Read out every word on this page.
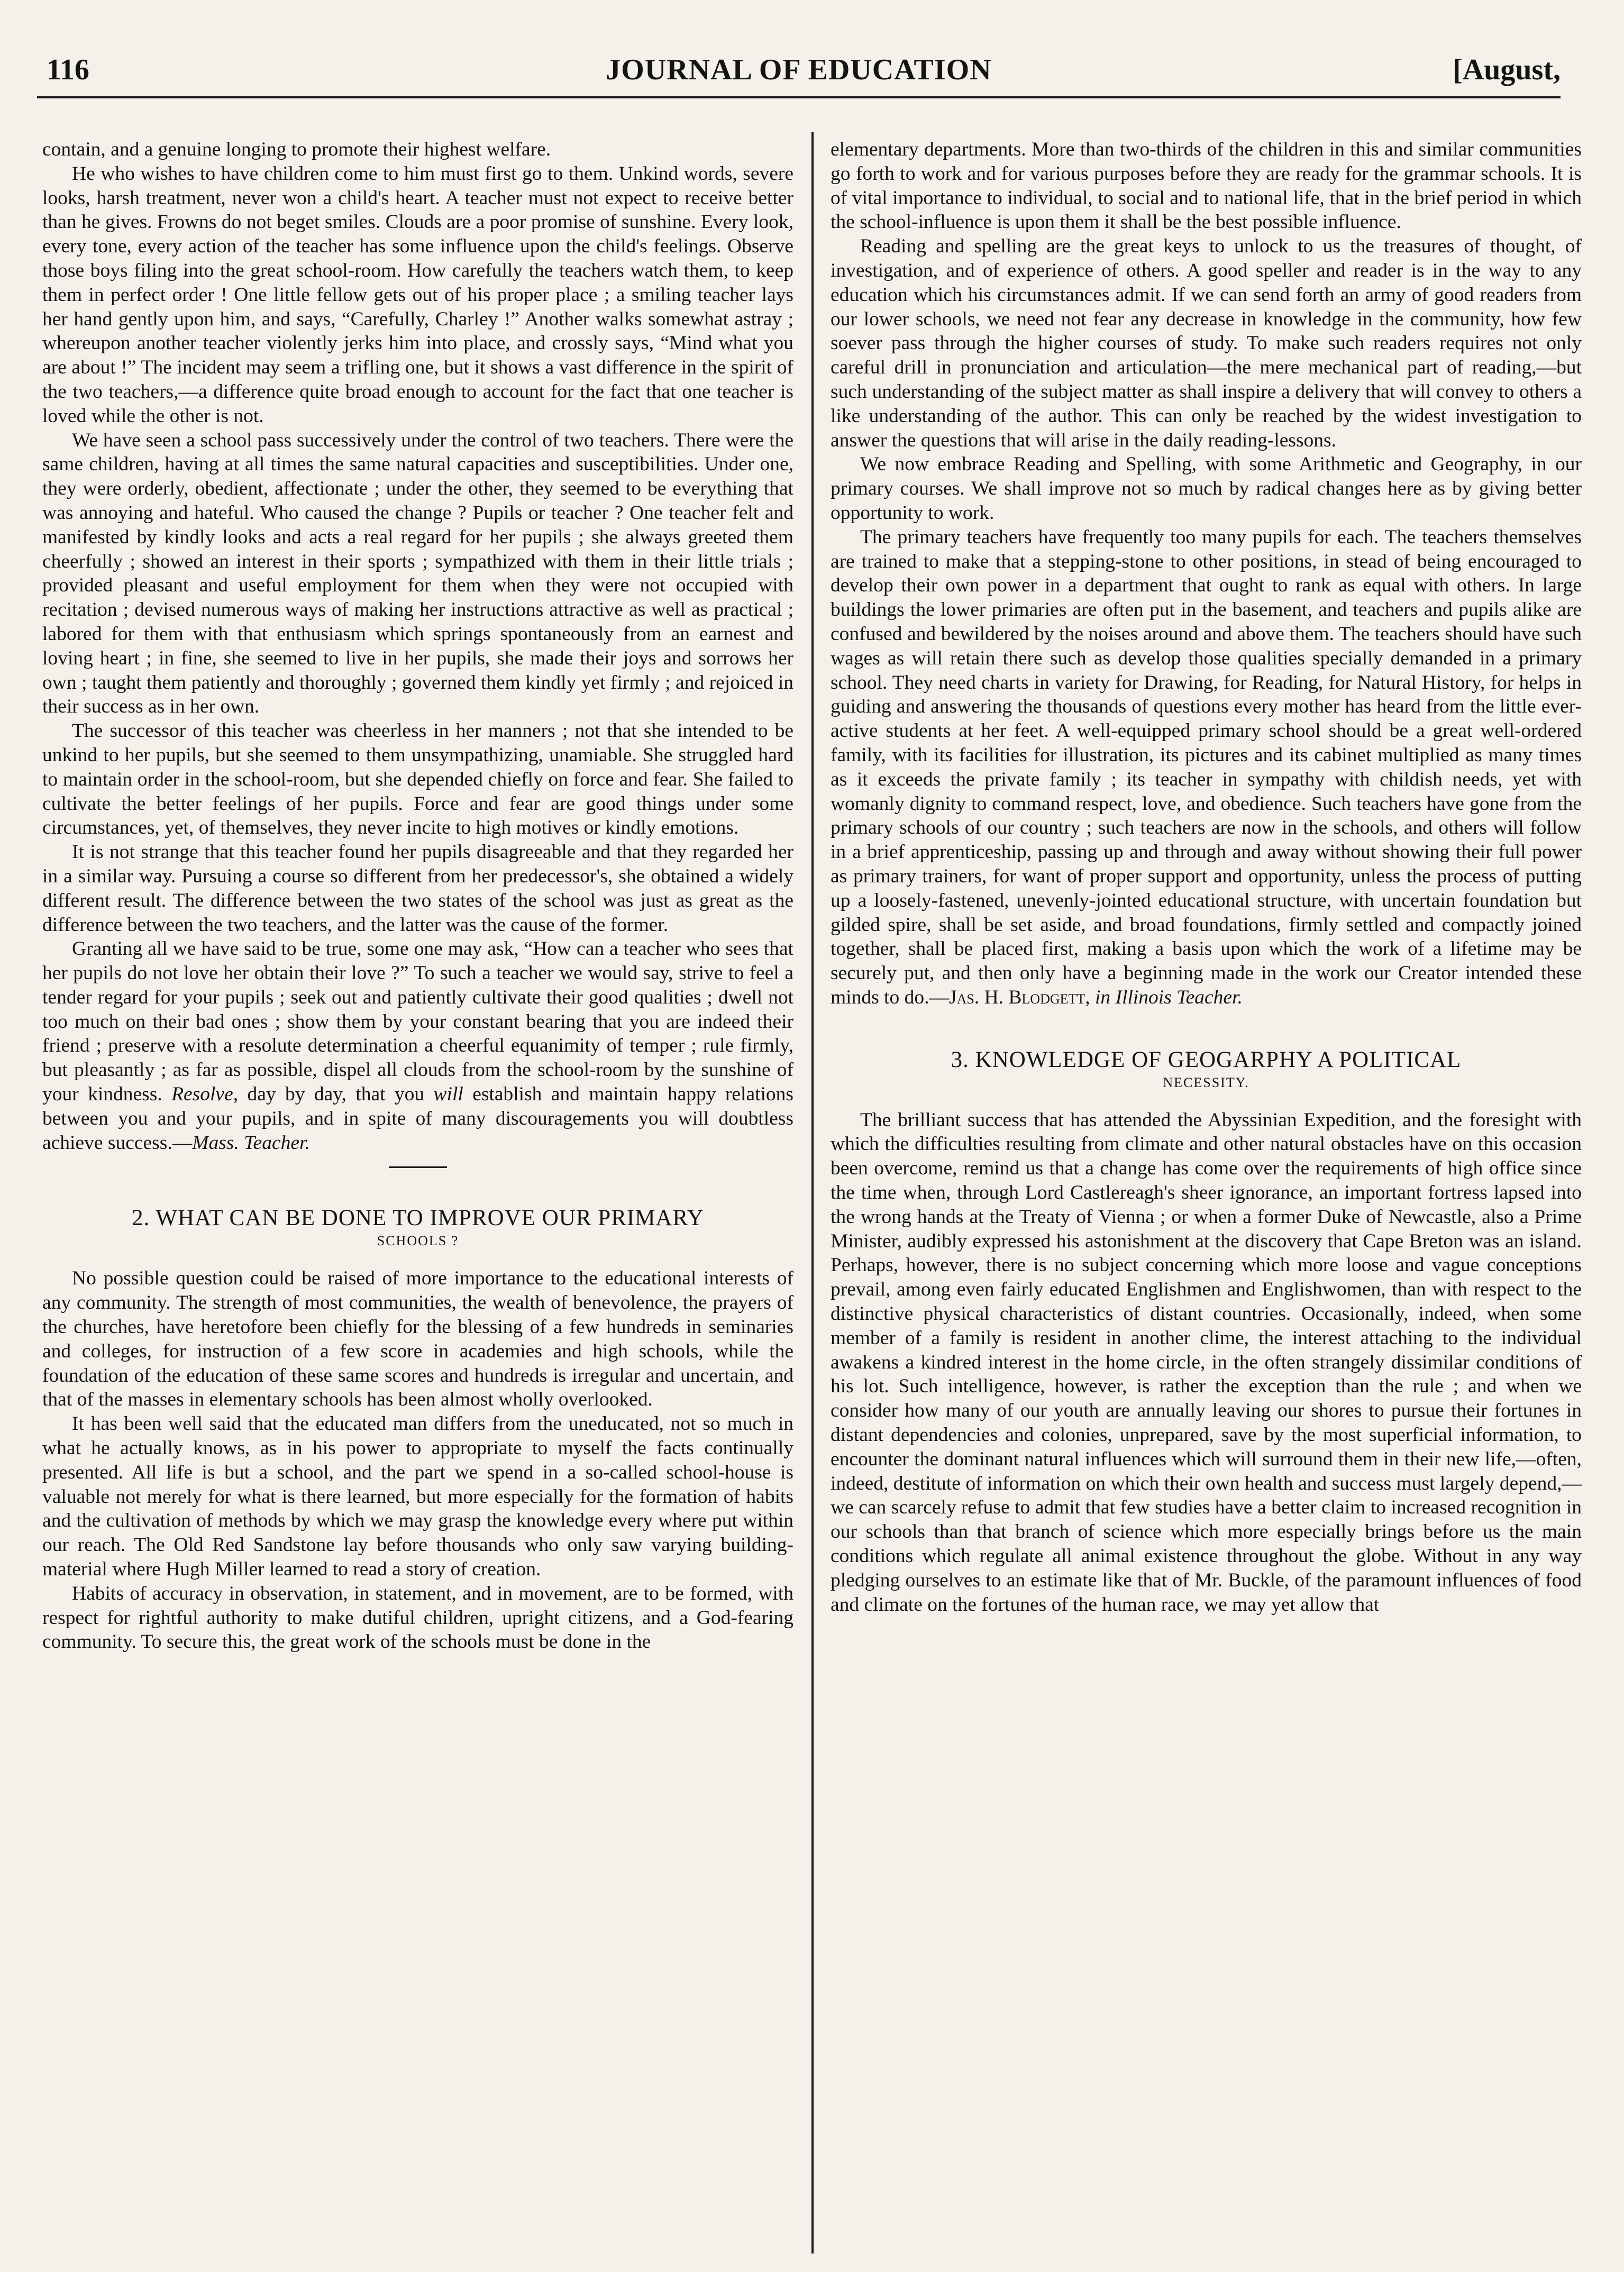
116	JOURNAL OF EDUCATION	[August,

contain, and a genuine longing to promote their highest welfare.

He who wishes to have children come to him must first go to them. Unkind words, severe looks, harsh treatment, never won a child's heart. A teacher must not expect to receive better than he gives. Frowns do not beget smiles. Clouds are a poor promise of sunshine. Every look, every tone, every action of the teacher has some influence upon the child's feelings. Observe those boys filing into the great school-room. How carefully the teachers watch them, to keep them in perfect order ! One little fellow gets out of his proper place ; a smiling teacher lays her hand gently upon him, and says, “Carefully, Charley !” Another walks somewhat astray ; whereupon another teacher violently jerks him into place, and crossly says, “Mind what you are about !” The incident may seem a trifling one, but it shows a vast difference in the spirit of the two teachers,—a difference quite broad enough to account for the fact that one teacher is loved while the other is not.

We have seen a school pass successively under the control of two teachers. There were the same children, having at all times the same natural capacities and susceptibilities. Under one, they were orderly, obedient, affectionate ; under the other, they seemed to be everything that was annoying and hateful. Who caused the change ? Pupils or teacher ? One teacher felt and manifested by kindly looks and acts a real regard for her pupils ; she always greeted them cheerfully ; showed an interest in their sports ; sympathized with them in their little trials ; provided pleasant and useful employment for them when they were not occupied with recitation ; devised numerous ways of making her instructions attractive as well as practical ; labored for them with that enthusiasm which springs spontaneously from an earnest and loving heart ; in fine, she seemed to live in her pupils, she made their joys and sorrows her own ; taught them patiently and thoroughly ; governed them kindly yet firmly ; and rejoiced in their success as in her own.

The successor of this teacher was cheerless in her manners ; not that she intended to be unkind to her pupils, but she seemed to them unsympathizing, unamiable. She struggled hard to maintain order in the school-room, but she depended chiefly on force and fear. She failed to cultivate the better feelings of her pupils. Force and fear are good things under some circumstances, yet, of themselves, they never incite to high motives or kindly emotions.

It is not strange that this teacher found her pupils disagreeable and that they regarded her in a similar way. Pursuing a course so different from her predecessor's, she obtained a widely different result. The difference between the two states of the school was just as great as the difference between the two teachers, and the latter was the cause of the former.

Granting all we have said to be true, some one may ask, “How can a teacher who sees that her pupils do not love her obtain their love ?” To such a teacher we would say, strive to feel a tender regard for your pupils ; seek out and patiently cultivate their good qualities ; dwell not too much on their bad ones ; show them by your constant bearing that you are indeed their friend ; preserve with a resolute determination a cheerful equanimity of temper ; rule firmly, but pleasantly ; as far as possible, dispel all clouds from the school-room by the sunshine of your kindness. Resolve, day by day, that you will establish and maintain happy relations between you and your pupils, and in spite of many discouragements you will doubtless achieve success.—Mass. Teacher.

2. WHAT CAN BE DONE TO IMPROVE OUR PRIMARY
SCHOOLS ?

No possible question could be raised of more importance to the educational interests of any community. The strength of most communities, the wealth of benevolence, the prayers of the churches, have heretofore been chiefly for the blessing of a few hundreds in seminaries and colleges, for instruction of a few score in academies and high schools, while the foundation of the education of these same scores and hundreds is irregular and uncertain, and that of the masses in elementary schools has been almost wholly overlooked.

It has been well said that the educated man differs from the uneducated, not so much in what he actually knows, as in his power to appropriate to myself the facts continually presented. All life is but a school, and the part we spend in a so-called school-house is valuable not merely for what is there learned, but more especially for the formation of habits and the cultivation of methods by which we may grasp the knowledge every where put within our reach. The Old Red Sandstone lay before thousands who only saw varying building-material where Hugh Miller learned to read a story of creation.

Habits of accuracy in observation, in statement, and in movement, are to be formed, with respect for rightful authority to make dutiful children, upright citizens, and a God-fearing community. To secure this, the great work of the schools must be done in the

elementary departments. More than two-thirds of the children in this and similar communities go forth to work and for various purposes before they are ready for the grammar schools. It is of vital importance to individual, to social and to national life, that in the brief period in which the school-influence is upon them it shall be the best possible influence.

Reading and spelling are the great keys to unlock to us the treasures of thought, of investigation, and of experience of others. A good speller and reader is in the way to any education which his circumstances admit. If we can send forth an army of good readers from our lower schools, we need not fear any decrease in knowledge in the community, how few soever pass through the higher courses of study. To make such readers requires not only careful drill in pronunciation and articulation—the mere mechanical part of reading,—but such understanding of the subject matter as shall inspire a delivery that will convey to others a like understanding of the author. This can only be reached by the widest investigation to answer the questions that will arise in the daily reading-lessons.

We now embrace Reading and Spelling, with some Arithmetic and Geography, in our primary courses. We shall improve not so much by radical changes here as by giving better opportunity to work.

The primary teachers have frequently too many pupils for each. The teachers themselves are trained to make that a stepping-stone to other positions, in stead of being encouraged to develop their own power in a department that ought to rank as equal with others. In large buildings the lower primaries are often put in the basement, and teachers and pupils alike are confused and bewildered by the noises around and above them. The teachers should have such wages as will retain there such as develop those qualities specially demanded in a primary school. They need charts in variety for Drawing, for Reading, for Natural History, for helps in guiding and answering the thousands of questions every mother has heard from the little ever-active students at her feet. A well-equipped primary school should be a great well-ordered family, with its facilities for illustration, its pictures and its cabinet multiplied as many times as it exceeds the private family ; its teacher in sympathy with childish needs, yet with womanly dignity to command respect, love, and obedience. Such teachers have gone from the primary schools of our country ; such teachers are now in the schools, and others will follow in a brief apprenticeship, passing up and through and away without showing their full power as primary trainers, for want of proper support and opportunity, unless the process of putting up a loosely-fastened, unevenly-jointed educational structure, with uncertain foundation but gilded spire, shall be set aside, and broad foundations, firmly settled and compactly joined together, shall be placed first, making a basis upon which the work of a lifetime may be securely put, and then only have a beginning made in the work our Creator intended these minds to do.—Jas. H. Blodgett, in Illinois Teacher.

3. KNOWLEDGE OF GEOGARPHY A POLITICAL
NECESSITY.

The brilliant success that has attended the Abyssinian Expedition, and the foresight with which the difficulties resulting from climate and other natural obstacles have on this occasion been overcome, remind us that a change has come over the requirements of high office since the time when, through Lord Castlereagh's sheer ignorance, an important fortress lapsed into the wrong hands at the Treaty of Vienna ; or when a former Duke of Newcastle, also a Prime Minister, audibly expressed his astonishment at the discovery that Cape Breton was an island. Perhaps, however, there is no subject concerning which more loose and vague conceptions prevail, among even fairly educated Englishmen and Englishwomen, than with respect to the distinctive physical characteristics of distant countries. Occasionally, indeed, when some member of a family is resident in another clime, the interest attaching to the individual awakens a kindred interest in the home circle, in the often strangely dissimilar conditions of his lot. Such intelligence, however, is rather the exception than the rule ; and when we consider how many of our youth are annually leaving our shores to pursue their fortunes in distant dependencies and colonies, unprepared, save by the most superficial information, to encounter the dominant natural influences which will surround them in their new life,—often, indeed, destitute of information on which their own health and success must largely depend,—we can scarcely refuse to admit that few studies have a better claim to increased recognition in our schools than that branch of science which more especially brings before us the main conditions which regulate all animal existence throughout the globe. Without in any way pledging ourselves to an estimate like that of Mr. Buckle, of the paramount influences of food and climate on the fortunes of the human race, we may yet allow that
